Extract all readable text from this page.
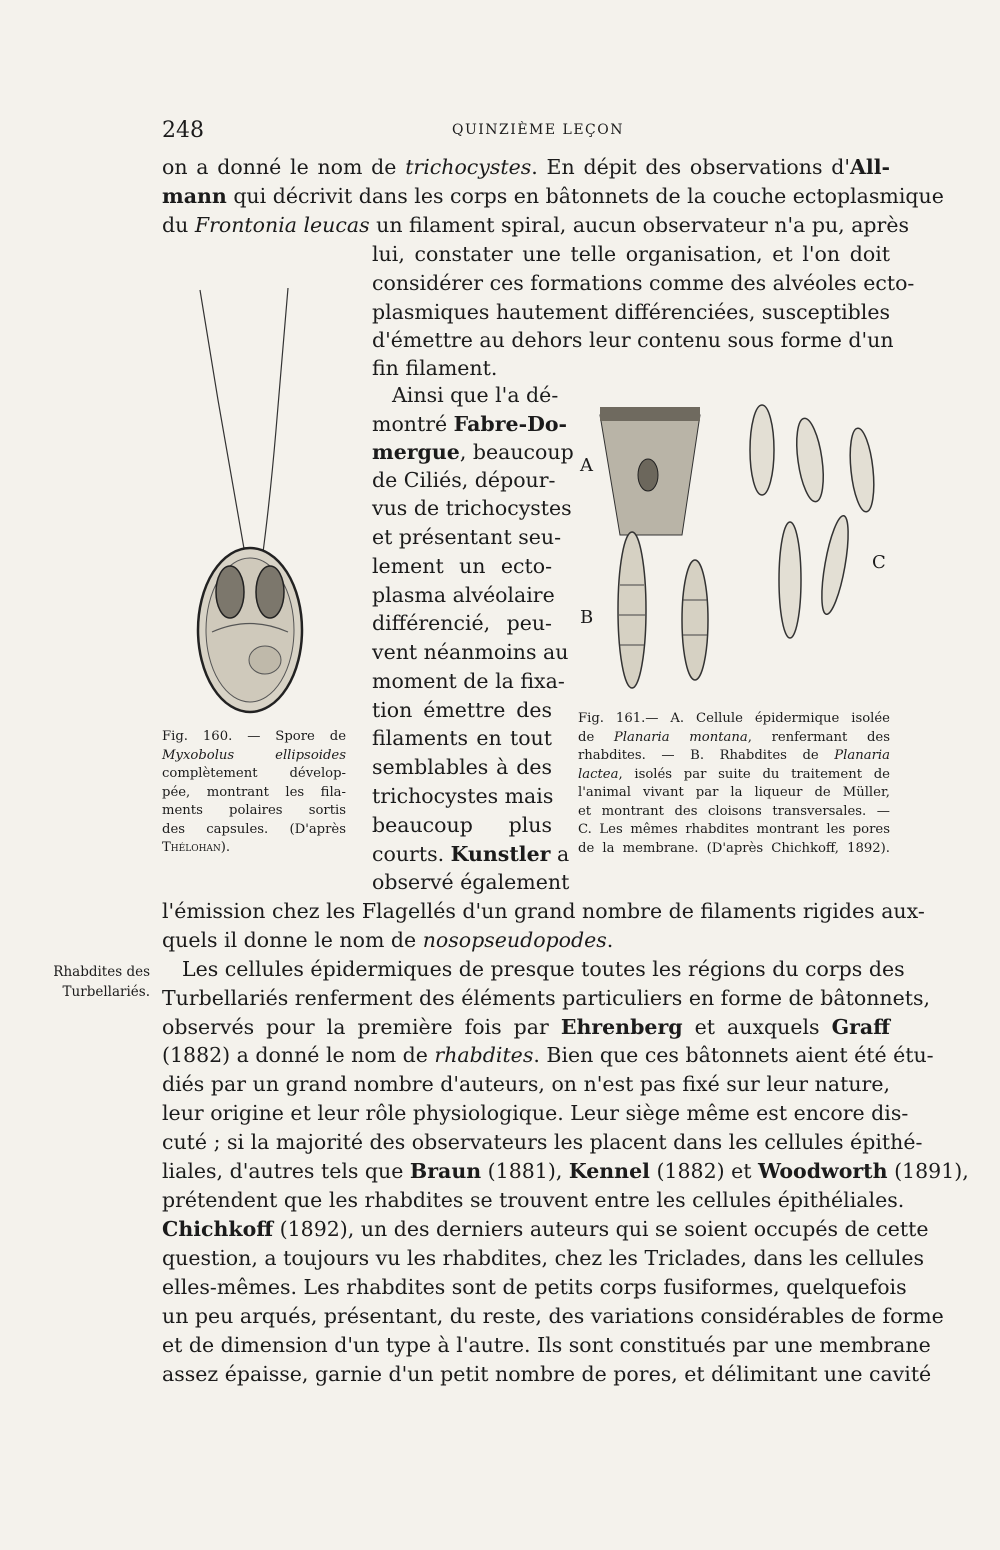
248	QUINZIÈME LEÇON
on a donné le nom de trichocystes. En dépit des observations d'All-
mann qui décrivit dans les corps en bâtonnets de la couche ectoplasmique
du Frontonia leucas un filament spiral, aucun observateur n'a pu, après
lui, constater une telle organisation, et l'on doit
considérer ces formations comme des alvéoles ecto-
plasmiques hautement différenciées, susceptibles
d'émettre au dehors leur contenu sous forme d'un
fin filament.
Ainsi que l'a dé-
montré Fabre-Do-
mergue, beaucoup
de Ciliés, dépour-
vus de trichocystes
et présentant seu-
lement un ecto-
plasma alvéolaire
différencié, peu-
vent néanmoins au
moment de la fixa-
tion émettre des
filaments en tout
semblables à des
trichocystes mais
beaucoup plus
courts. Kunstler a
observé également
l'émission chez les Flagellés d'un grand nombre de filaments rigides aux-
quels il donne le nom de nosopseudopodes.
Fig. 160. — Spore de
Myxobolus ellipsoides
complètement dévelop-
pée, montrant les fila-
ments polaires sortis
des capsules. (D'après
Thélohan).
A
B
C
Fig. 161.— A. Cellule épidermique isolée
de Planaria montana, renfermant des
rhabdites. — B. Rhabdites de Planaria
lactea, isolés par suite du traitement de
l'animal vivant par la liqueur de Müller,
et montrant des cloisons transversales. —
C. Les mêmes rhabdites montrant les pores
de la membrane. (D'après Chichkoff, 1892).
Rhabdites des
Turbellariés.
Les cellules épidermiques de presque toutes les régions du corps des
Turbellariés renferment des éléments particuliers en forme de bâtonnets,
observés pour la première fois par Ehrenberg et auxquels Graff
(1882) a donné le nom de rhabdites. Bien que ces bâtonnets aient été étu-
diés par un grand nombre d'auteurs, on n'est pas fixé sur leur nature,
leur origine et leur rôle physiologique. Leur siège même est encore dis-
cuté ; si la majorité des observateurs les placent dans les cellules épithé-
liales, d'autres tels que Braun (1881), Kennel (1882) et Woodworth (1891),
prétendent que les rhabdites se trouvent entre les cellules épithéliales.
Chichkoff (1892), un des derniers auteurs qui se soient occupés de cette
question, a toujours vu les rhabdites, chez les Triclades, dans les cellules
elles-mêmes. Les rhabdites sont de petits corps fusiformes, quelquefois
un peu arqués, présentant, du reste, des variations considérables de forme
et de dimension d'un type à l'autre. Ils sont constitués par une membrane
assez épaisse, garnie d'un petit nombre de pores, et délimitant une cavité
